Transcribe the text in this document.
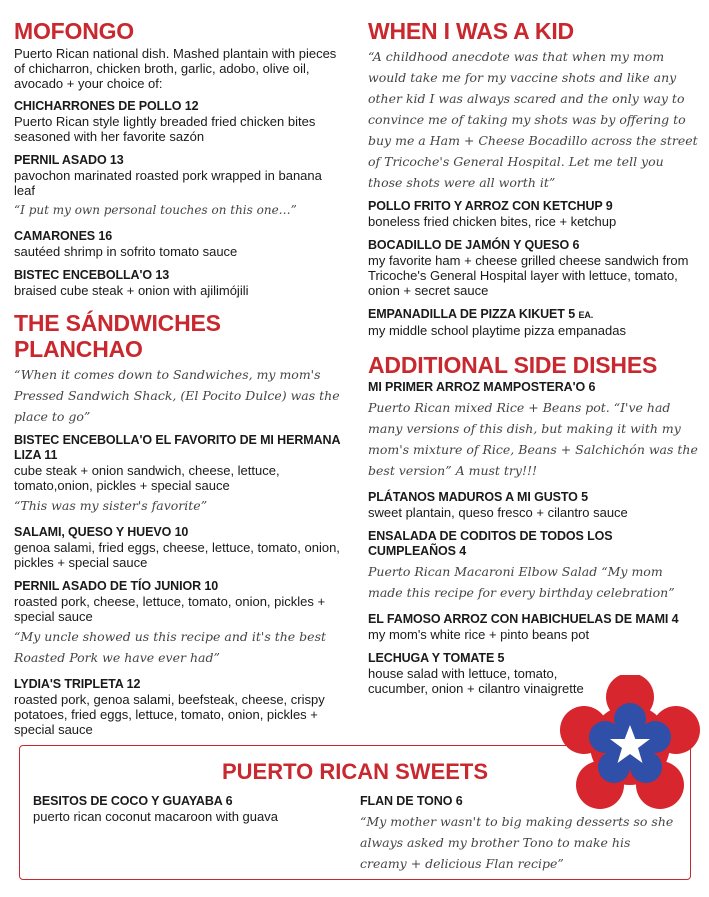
MOFONGO

Puerto Rican national dish. Mashed plantain with pieces of chicharron, chicken broth, garlic, adobo, olive oil, avocado + your choice of:

CHICHARRONES DE POLLO 12
Puerto Rican style lightly breaded fried chicken bites seasoned with her favorite sazón
PERNIL ASADO 13
pavochon marinated roasted pork wrapped in banana leaf
“I put my own personal touches on this one…”
CAMARONES 16
sautéed shrimp in sofrito tomato sauce
BISTEC ENCEBOLLA'O 13
braised cube steak + onion with ajilimójili
THE SÁNDWICHES PLANCHAO
“When it comes down to Sandwiches, my mom's Pressed Sandwich Shack, (El Pocito Dulce) was the place to go”
BISTEC ENCEBOLLA'O EL FAVORITO DE MI HERMANA LIZA 11
cube steak + onion sandwich, cheese, lettuce, tomato,onion, pickles + special sauce
“This was my sister's favorite”
SALAMI, QUESO Y HUEVO 10
genoa salami, fried eggs, cheese, lettuce, tomato, onion, pickles + special sauce
PERNIL ASADO DE TÍO JUNIOR 10
roasted pork, cheese, lettuce, tomato, onion, pickles + special sauce
“My uncle showed us this recipe and it's the best Roasted Pork we have ever had”
LYDIA'S TRIPLETA 12
roasted pork, genoa salami, beefsteak, cheese, crispy potatoes, fried eggs, lettuce, tomato, onion, pickles + special sauce
WHEN I WAS A KID
“A childhood anecdote was that when my mom would take me for my vaccine shots and like any other kid I was always scared and the only way to convince me of taking my shots was by offering to buy me a Ham + Cheese Bocadillo across the street of Tricoche's General Hospital. Let me tell you those shots were all worth it”
POLLO FRITO Y ARROZ CON KETCHUP 9
boneless fried chicken bites, rice + ketchup
BOCADILLO DE JAMÓN Y QUESO 6
my favorite ham + cheese grilled cheese sandwich from Tricoche's General Hospital layer with lettuce, tomato, onion + secret sauce
EMPANADILLA DE PIZZA KIKUET 5 EA.
my middle school playtime pizza empanadas
ADDITIONAL SIDE DISHES
MI PRIMER ARROZ MAMPOSTERA'O 6
Puerto Rican mixed Rice + Beans pot. “I've had many versions of this dish, but making it with my mom's mixture of Rice, Beans + Salchichón was the best version” A must try!!!
PLÁTANOS MADUROS A MI GUSTO 5
sweet plantain, queso fresco + cilantro sauce
ENSALADA DE CODITOS DE TODOS LOS CUMPLEAÑOS 4
Puerto Rican Macaroni Elbow Salad “My mom made this recipe for every birthday celebration”
EL FAMOSO ARROZ CON HABICHUELAS DE MAMI 4
my mom's white rice + pinto beans pot
LECHUGA Y TOMATE 5
house salad with lettuce, tomato, cucumber, onion + cilantro vinaigrette
PUERTO RICAN SWEETS
BESITOS DE COCO Y GUAYABA 6
puerto rican coconut macaroon with guava
FLAN DE TONO 6
“My mother wasn't to big making desserts so she always asked my brother Tono to make his creamy + delicious Flan recipe”
